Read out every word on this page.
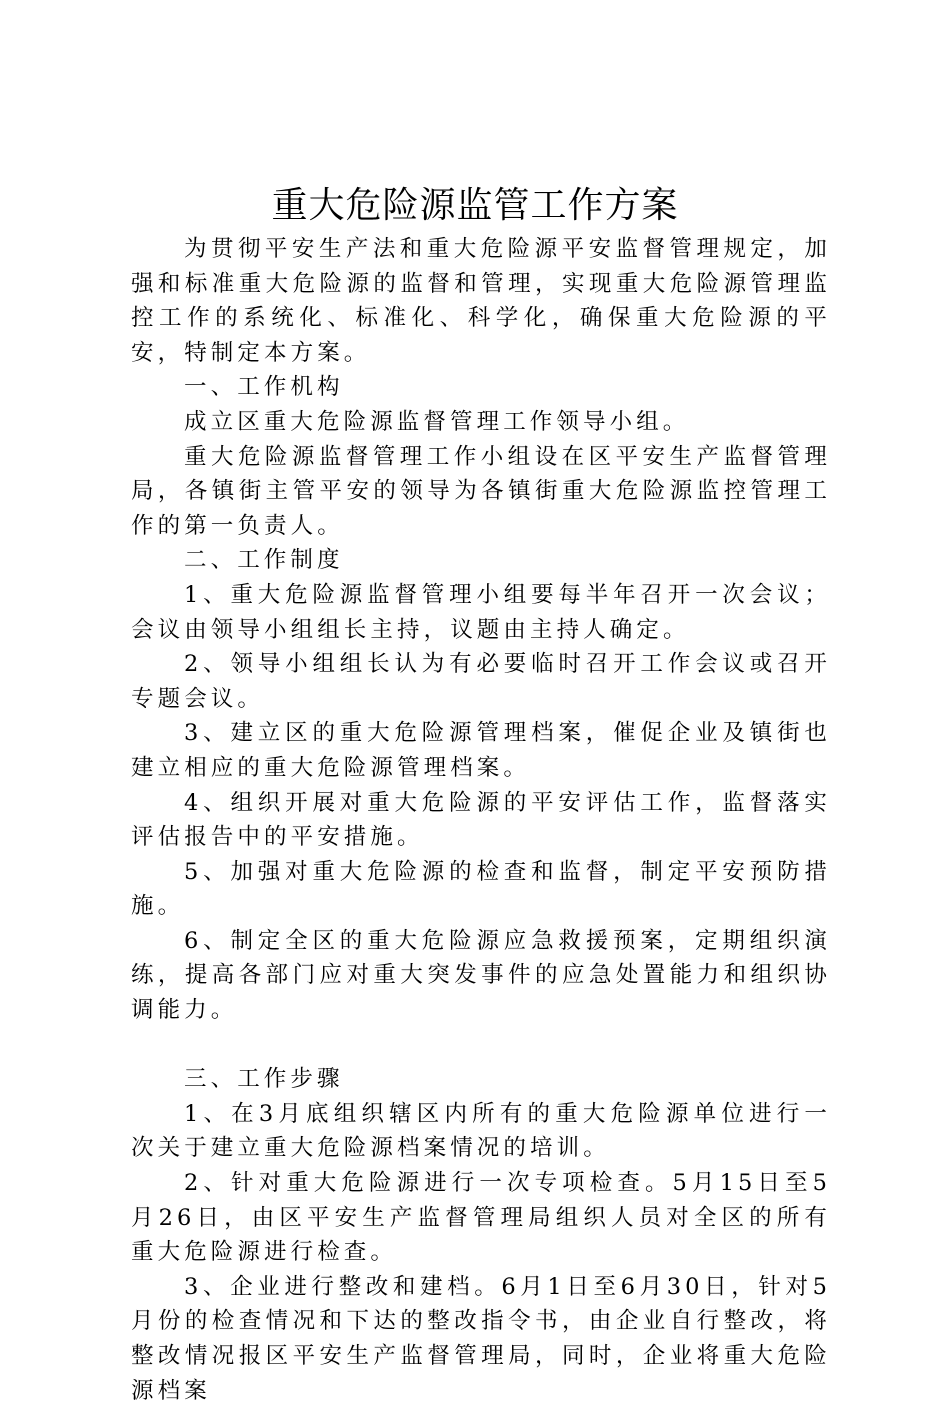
重大危险源监管工作方案

为贯彻平安生产法和重大危险源平安监督管理规定，加强和标准重大危险源的监督和管理，实现重大危险源管理监控工作的系统化、标准化、科学化，确保重大危险源的平安，特制定本方案。

一、工作机构

成立区重大危险源监督管理工作领导小组。

重大危险源监督管理工作小组设在区平安生产监督管理局，各镇街主管平安的领导为各镇街重大危险源监控管理工作的第一负责人。

二、工作制度

1、重大危险源监督管理小组要每半年召开一次会议；会议由领导小组组长主持，议题由主持人确定。

2、领导小组组长认为有必要临时召开工作会议或召开专题会议。

3、建立区的重大危险源管理档案，催促企业及镇街也建立相应的重大危险源管理档案。

4、组织开展对重大危险源的平安评估工作，监督落实评估报告中的平安措施。

5、加强对重大危险源的检查和监督，制定平安预防措施。

6、制定全区的重大危险源应急救援预案，定期组织演练，提高各部门应对重大突发事件的应急处置能力和组织协调能力。

三、工作步骤

1、在3月底组织辖区内所有的重大危险源单位进行一次关于建立重大危险源档案情况的培训。

2、针对重大危险源进行一次专项检查。5月15日至5月26日，由区平安生产监督管理局组织人员对全区的所有重大危险源进行检查。

3、企业进行整改和建档。6月1日至6月30日，针对5月份的检查情况和下达的整改指令书，由企业自行整改，将整改情况报区平安生产监督管理局，同时，企业将重大危险源档案
